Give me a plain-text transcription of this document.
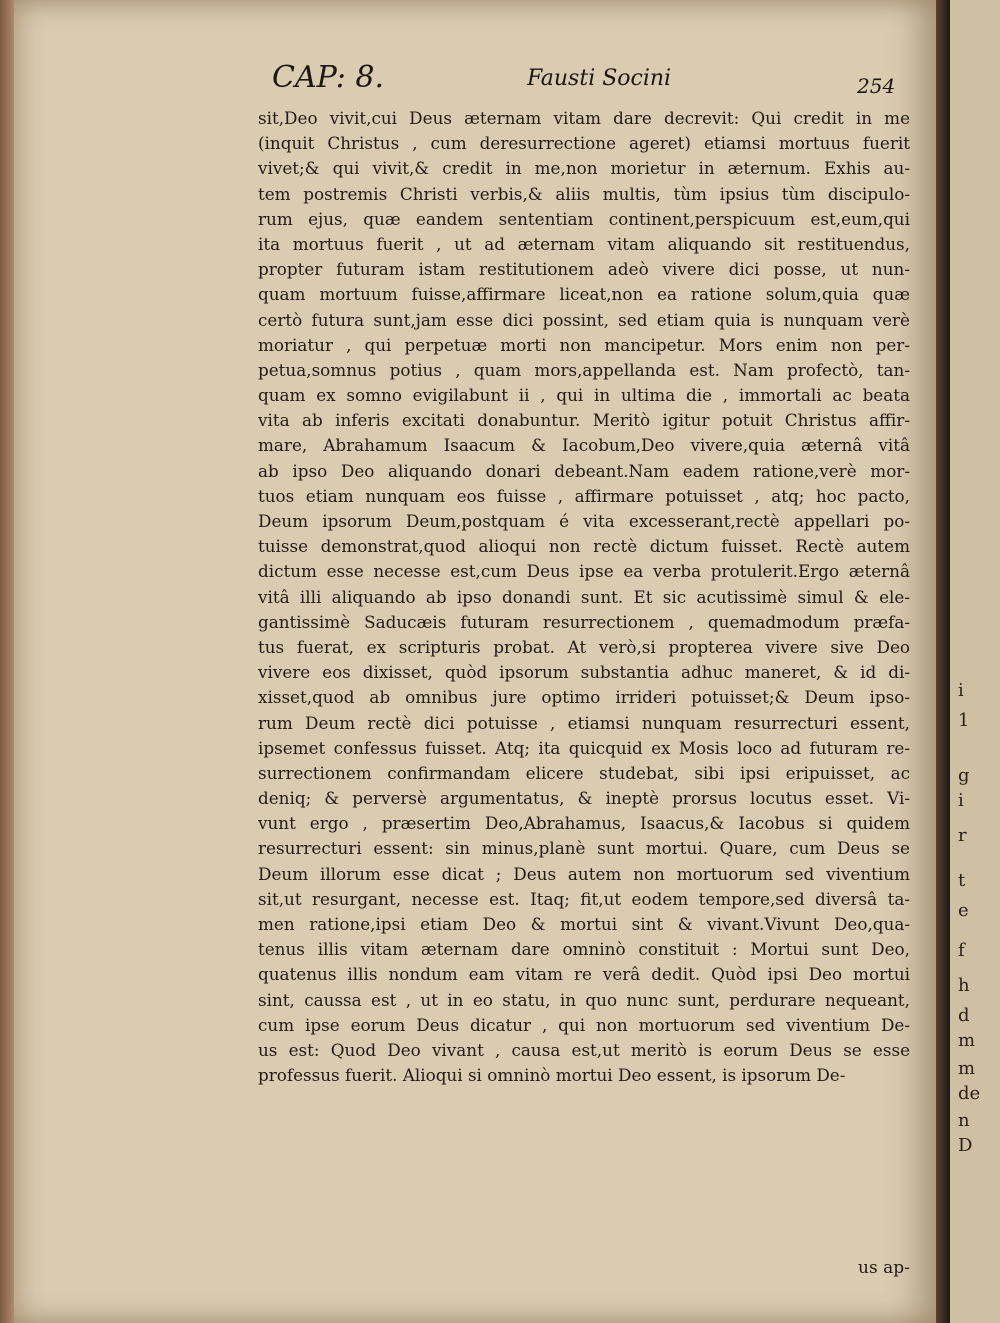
CAP: 8.	Fausti Socini	254
sit,Deo vivit,cui Deus æternam vitam dare decrevit: Qui credit in me
(inquit Christus , cum deresurrectione ageret) etiamsi mortuus fuerit
vivet;& qui vivit,& credit in me,non morietur in æternum. Exhis au-
tem postremis Christi verbis,& aliis multis, tùm ipsius tùm discipulo-
rum ejus, quæ eandem sententiam continent,perspicuum est,eum,qui
ita mortuus fuerit , ut ad æternam vitam aliquando sit restituendus,
propter futuram istam restitutionem adeò vivere dici posse, ut nun-
quam mortuum fuisse,affirmare liceat,non ea ratione solum,quia quæ
certò futura sunt,jam esse dici possint, sed etiam quia is nunquam verè
moriatur , qui perpetuæ morti non mancipetur. Mors enim non per-
petua,somnus potius , quam mors,appellanda est. Nam profectò, tan-
quam ex somno evigilabunt ii , qui in ultima die , immortali ac beata
vita ab inferis excitati donabuntur. Meritò igitur potuit Christus affir-
mare, Abrahamum Isaacum & Iacobum,Deo vivere,quia æternâ vitâ
ab ipso Deo aliquando donari debeant.Nam eadem ratione,verè mor-
tuos etiam nunquam eos fuisse , affirmare potuisset , atq; hoc pacto,
Deum ipsorum Deum,postquam é vita excesserant,rectè appellari po-
tuisse demonstrat,quod alioqui non rectè dictum fuisset. Rectè autem
dictum esse necesse est,cum Deus ipse ea verba protulerit.Ergo æternâ
vitâ illi aliquando ab ipso donandi sunt. Et sic acutissimè simul & ele-
gantissimè Saducæis futuram resurrectionem , quemadmodum præfa-
tus fuerat, ex scripturis probat. At verò,si propterea vivere sive Deo
vivere eos dixisset, quòd ipsorum substantia adhuc maneret, & id di-
xisset,quod ab omnibus jure optimo irrideri potuisset;& Deum ipso-
rum Deum rectè dici potuisse , etiamsi nunquam resurrecturi essent,
ipsemet confessus fuisset. Atq; ita quicquid ex Mosis loco ad futuram re-
surrectionem confirmandam elicere studebat, sibi ipsi eripuisset, ac
deniq; & perversè argumentatus, & ineptè prorsus locutus esset. Vi-
vunt ergo , præsertim Deo,Abrahamus, Isaacus,& Iacobus si quidem
resurrecturi essent: sin minus,planè sunt mortui. Quare, cum Deus se
Deum illorum esse dicat ; Deus autem non mortuorum sed viventium
sit,ut resurgant, necesse est. Itaq; fit,ut eodem tempore,sed diversâ ta-
men ratione,ipsi etiam Deo & mortui sint & vivant.Vivunt Deo,qua-
tenus illis vitam æternam dare omninò constituit : Mortui sunt Deo,
quatenus illis nondum eam vitam re verâ dedit. Quòd ipsi Deo mortui
sint, caussa est , ut in eo statu, in quo nunc sunt, perdurare nequeant,
cum ipse eorum Deus dicatur , qui non mortuorum sed viventium De-
us est: Quod Deo vivant , causa est,ut meritò is eorum Deus se esse
professus fuerit. Alioqui si omninò mortui Deo essent, is ipsorum De-
us ap-
i
1
g
i
r
t
e
f
h
d
m
m
de
n
D
